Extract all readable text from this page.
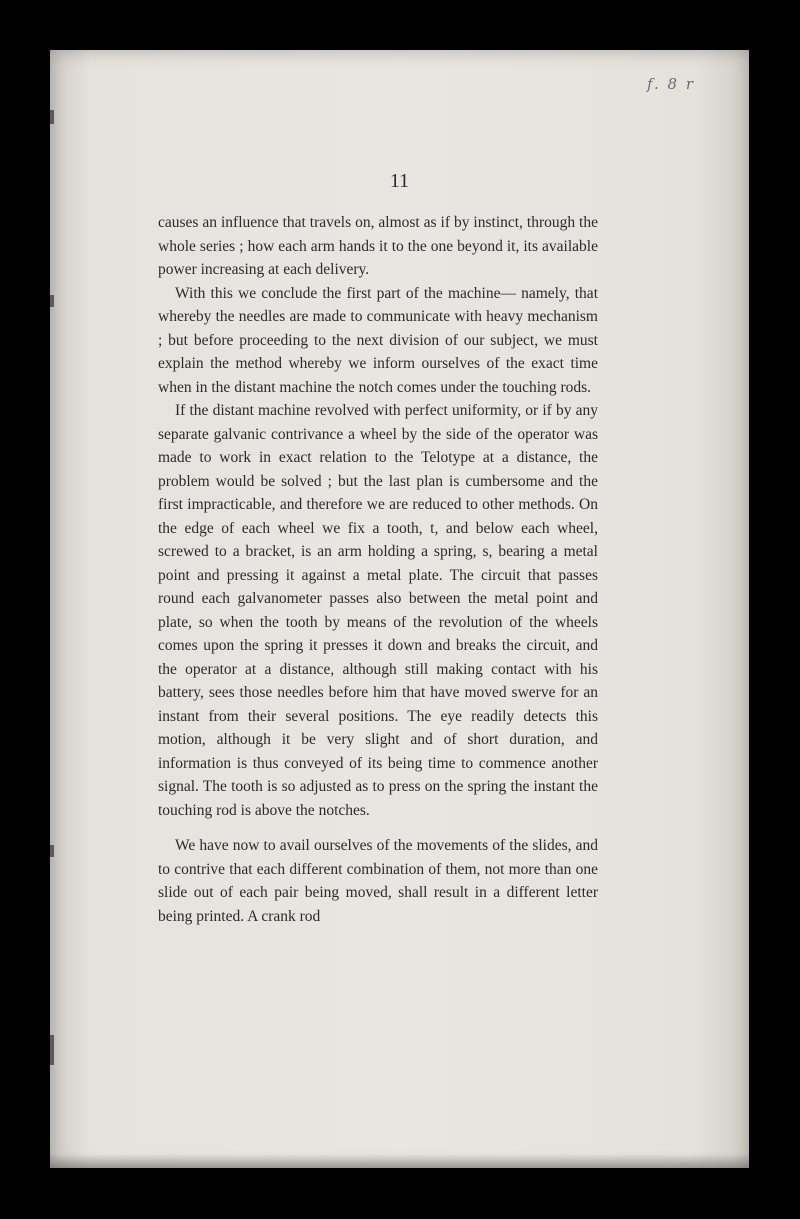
f. 8 r
11

causes an influence that travels on, almost as if by instinct, through the whole series ; how each arm hands it to the one beyond it, its available power increasing at each delivery.

With this we conclude the first part of the machine— namely, that whereby the needles are made to communicate with heavy mechanism ; but before proceeding to the next division of our subject, we must explain the method whereby we inform ourselves of the exact time when in the distant machine the notch comes under the touching rods.

If the distant machine revolved with perfect uniformity, or if by any separate galvanic contrivance a wheel by the side of the operator was made to work in exact relation to the Telotype at a distance, the problem would be solved ; but the last plan is cumbersome and the first impracticable, and therefore we are reduced to other methods. On the edge of each wheel we fix a tooth, t, and below each wheel, screwed to a bracket, is an arm holding a spring, s, bearing a metal point and pressing it against a metal plate. The circuit that passes round each galvanometer passes also between the metal point and plate, so when the tooth by means of the revolution of the wheels comes upon the spring it presses it down and breaks the circuit, and the operator at a distance, although still making contact with his battery, sees those needles before him that have moved swerve for an instant from their several positions. The eye readily detects this motion, although it be very slight and of short duration, and information is thus conveyed of its being time to commence another signal. The tooth is so adjusted as to press on the spring the instant the touching rod is above the notches.

We have now to avail ourselves of the movements of the slides, and to contrive that each different combination of them, not more than one slide out of each pair being moved, shall result in a different letter being printed. A crank rod
